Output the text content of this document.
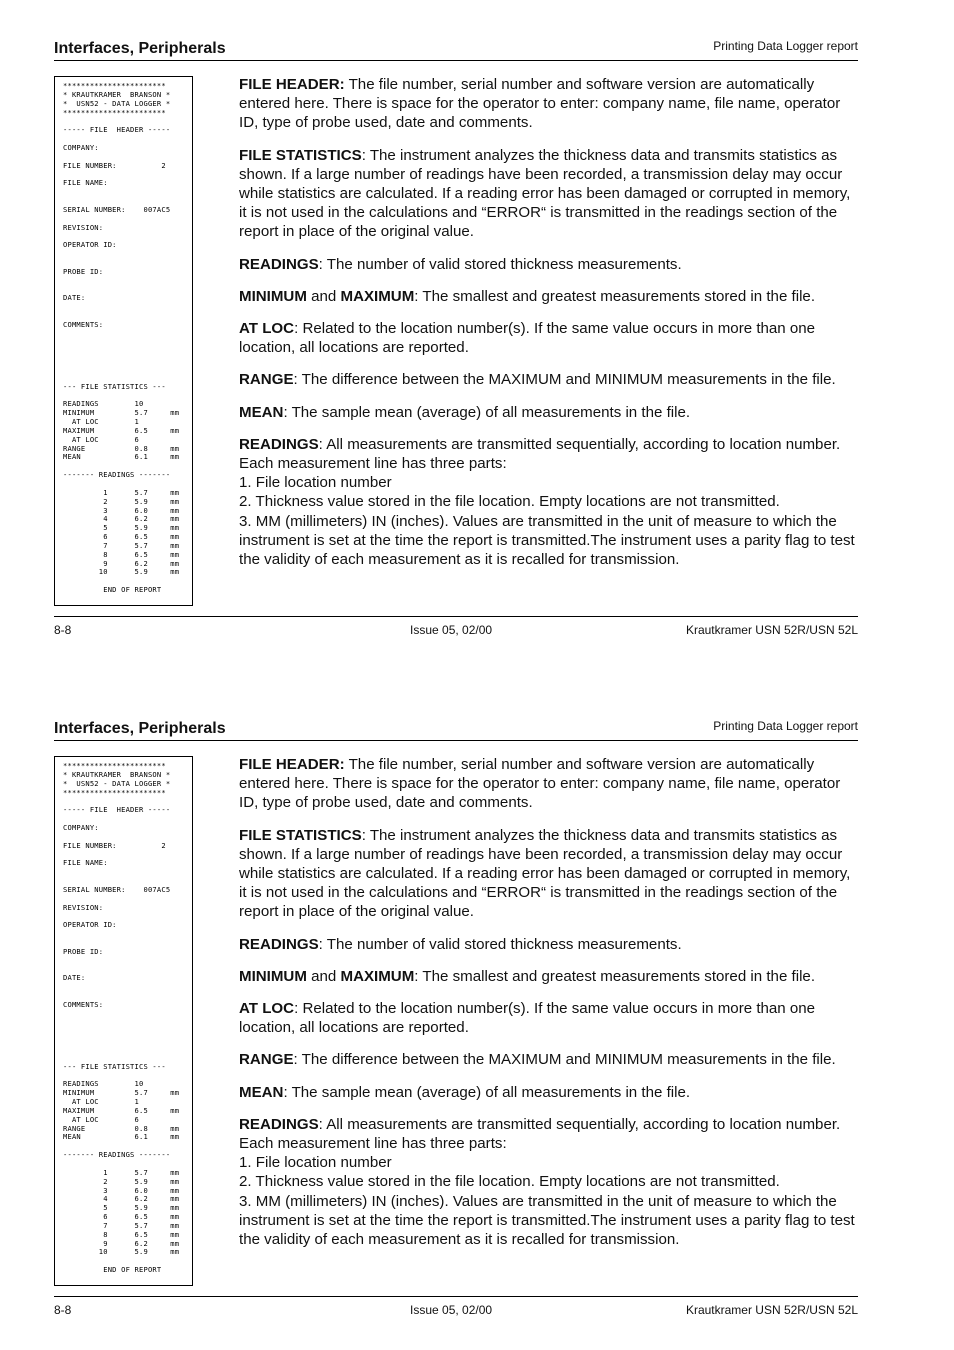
Interfaces, Peripherals	Printing Data Logger report
***********************
* KRAUTKRAMER  BRANSON *
*  USN52 - DATA LOGGER *
***********************

----- FILE  HEADER -----

COMPANY:

FILE NUMBER:          2

FILE NAME:

SERIAL NUMBER:    007AC5

REVISION:

OPERATOR ID:

PROBE ID:

DATE:

COMMENTS:

--- FILE STATISTICS ---

READINGS        10
MINIMUM         5.7     mm
AT LOC        1
MAXIMUM         6.5     mm
AT LOC        6
RANGE           0.8     mm
MEAN            6.1     mm

------- READINGS -------

1      5.7     mm
2      5.9     mm
3      6.0     mm
4      6.2     mm
5      5.9     mm
6      6.5     mm
7      5.7     mm
8      6.5     mm
9      6.2     mm
10      5.9     mm

END OF REPORT

FILE HEADER: The file number, serial number and software version are automatically entered here. There is space for the operator to enter: company name, file name, operator ID, type of probe used, date and comments.

FILE STATISTICS: The instrument analyzes the thickness data and transmits statistics as shown. If a large number of readings have been recorded, a transmission delay may occur while statistics are calculated. If a reading error has been damaged or corrupted in memory, it is not used in the calculations and “ERROR“ is transmitted in the readings section of the report in place of the original value.

READINGS: The number of valid stored thickness measurements.

MINIMUM and MAXIMUM: The smallest and greatest measurements stored in the file.

AT LOC: Related to the location number(s). If the same value occurs in more than one location, all locations are reported.

RANGE: The difference between the MAXIMUM and MINIMUM measurements in the file.

MEAN: The sample mean (average) of all measurements in the file.

READINGS: All measurements are transmitted sequentially, according to location number. Each measurement line has three parts:
1. File location number
2. Thickness value stored in the file location. Empty locations are not transmitted.
3. MM (millimeters) IN (inches). Values are transmitted in the unit of measure to which the instrument is set at the time the report is transmitted.The instrument uses a parity flag to test the validity of each measurement as it is recalled for transmission.

8-8	Issue 05, 02/00	Krautkramer USN 52R/USN 52L
Interfaces, Peripherals	Printing Data Logger report
***********************
* KRAUTKRAMER  BRANSON *
*  USN52 - DATA LOGGER *
***********************

----- FILE  HEADER -----

COMPANY:

FILE NUMBER:          2

FILE NAME:

SERIAL NUMBER:    007AC5

REVISION:

OPERATOR ID:

PROBE ID:

DATE:

COMMENTS:

--- FILE STATISTICS ---

READINGS        10
MINIMUM         5.7     mm
AT LOC        1
MAXIMUM         6.5     mm
AT LOC        6
RANGE           0.8     mm
MEAN            6.1     mm

------- READINGS -------

1      5.7     mm
2      5.9     mm
3      6.0     mm
4      6.2     mm
5      5.9     mm
6      6.5     mm
7      5.7     mm
8      6.5     mm
9      6.2     mm
10      5.9     mm

END OF REPORT

FILE HEADER: The file number, serial number and software version are automatically entered here. There is space for the operator to enter: company name, file name, operator ID, type of probe used, date and comments.

FILE STATISTICS: The instrument analyzes the thickness data and transmits statistics as shown. If a large number of readings have been recorded, a transmission delay may occur while statistics are calculated. If a reading error has been damaged or corrupted in memory, it is not used in the calculations and “ERROR“ is transmitted in the readings section of the report in place of the original value.

READINGS: The number of valid stored thickness measurements.

MINIMUM and MAXIMUM: The smallest and greatest measurements stored in the file.

AT LOC: Related to the location number(s). If the same value occurs in more than one location, all locations are reported.

RANGE: The difference between the MAXIMUM and MINIMUM measurements in the file.

MEAN: The sample mean (average) of all measurements in the file.

READINGS: All measurements are transmitted sequentially, according to location number. Each measurement line has three parts:
1. File location number
2. Thickness value stored in the file location. Empty locations are not transmitted.
3. MM (millimeters) IN (inches). Values are transmitted in the unit of measure to which the instrument is set at the time the report is transmitted.The instrument uses a parity flag to test the validity of each measurement as it is recalled for transmission.

8-8	Issue 05, 02/00	Krautkramer USN 52R/USN 52L
